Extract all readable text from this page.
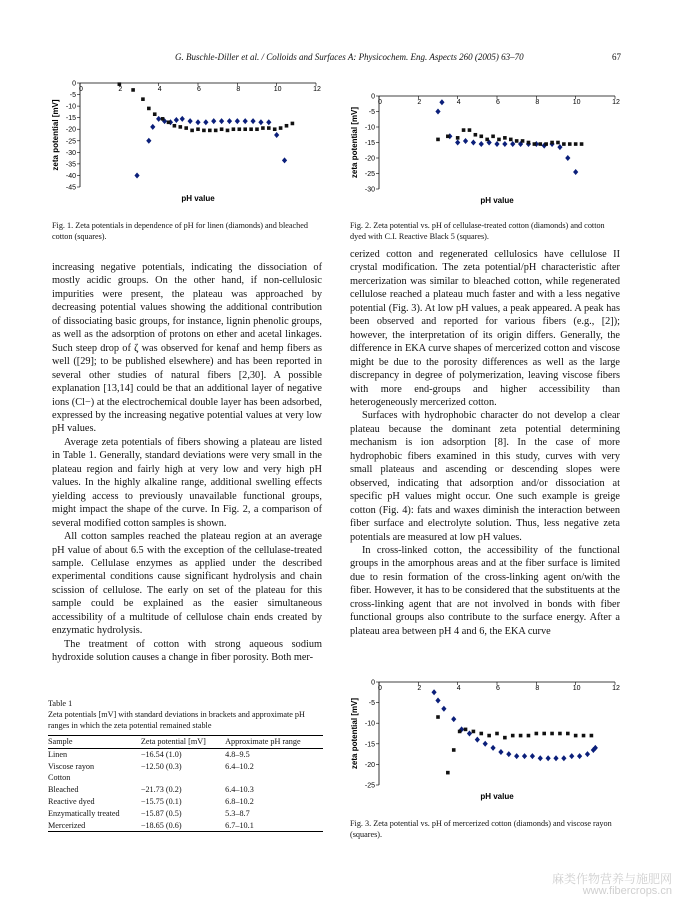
G. Buschle-Diller et al. / Colloids and Surfaces A: Physicochem. Eng. Aspects 260 (2005) 63–70	67
0
-5
-10
-15
-20
-25
-30
-35
-40
-45
0	2	4	6	8	10	12
pH value
zeta potential [mV]
Fig. 1. Zeta potentials in dependence of pH for linen (diamonds) and bleached cotton (squares).
0
-5
-10
-15
-20
-25
-30
0	2	4	6	8	10	12
pH value
zeta potential [mV]
Fig. 2. Zeta potential vs. pH of cellulase-treated cotton (diamonds) and cotton dyed with C.I. Reactive Black 5 (squares).

increasing negative potentials, indicating the dissociation of mostly acidic groups. On the other hand, if non-cellulosic impurities were present, the plateau was approached by decreasing potential values showing the additional contribution of dissociating basic groups, for instance, lignin phenolic groups, as well as the adsorption of protons on ether and acetal linkages. Such steep drop of ζ was observed for kenaf and hemp fibers as well ([29]; to be published elsewhere) and has been reported in several other studies of natural fibers [2,30]. A possible explanation [13,14] could be that an additional layer of negative ions (Cl−) at the electrochemical double layer has been adsorbed, expressed by the increasing negative potential values at very low pH values.

Average zeta potentials of fibers showing a plateau are listed in Table 1. Generally, standard deviations were very small in the plateau region and fairly high at very low and very high pH values. In the highly alkaline range, additional swelling effects yielding access to previously unavailable functional groups, might impact the shape of the curve. In Fig. 2, a comparison of several modified cotton samples is shown.

All cotton samples reached the plateau region at an average pH value of about 6.5 with the exception of the cellulase-treated sample. Cellulase enzymes as applied under the described experimental conditions cause significant hydrolysis and chain scission of cellulose. The early on set of the plateau for this sample could be explained as the easier simultaneous accessibility of a multitude of cellulose chain ends created by enzymatic hydrolysis.

The treatment of cotton with strong aqueous sodium hydroxide solution causes a change in fiber porosity. Both mer-

Table 1
Zeta potentials [mV] with standard deviations in brackets and approximate pH ranges in which the zeta potential remained stable
Sample	Zeta potential [mV]	Approximate pH range
Linen	−16.54 (1.0)	4.8–9.5
Viscose rayon	−12.50 (0.3)	6.4–10.2
Cotton		
Bleached	−21.73 (0.2)	6.4–10.3
Reactive dyed	−15.75 (0.1)	6.8–10.2
Enzymatically treated	−15.87 (0.5)	5.3–8.7
Mercerized	−18.65 (0.6)	6.7–10.1

cerized cotton and regenerated cellulosics have cellulose II crystal modification. The zeta potential/pH characteristic after mercerization was similar to bleached cotton, while regenerated cellulose reached a plateau much faster and with a less negative potential (Fig. 3). At low pH values, a peak appeared. A peak has been observed and reported for various fibers (e.g., [2]); however, the interpretation of its origin differs. Generally, the difference in EKA curve shapes of mercerized cotton and viscose might be due to the porosity differences as well as the large discrepancy in degree of polymerization, leaving viscose fibers with more end-groups and higher accessibility than heterogeneously mercerized cotton.

Surfaces with hydrophobic character do not develop a clear plateau because the dominant zeta potential determining mechanism is ion adsorption [8]. In the case of more hydrophobic fibers examined in this study, curves with very small plateaus and ascending or descending slopes were observed, indicating that adsorption and/or dissociation at specific pH values might occur. One such example is greige cotton (Fig. 4): fats and waxes diminish the interaction between fiber surface and electrolyte solution. Thus, less negative zeta potentials are measured at low pH values.

In cross-linked cotton, the accessibility of the functional groups in the amorphous areas and at the fiber surface is limited due to resin formation of the cross-linking agent on/with the fiber. However, it has to be considered that the substituents at the cross-linking agent that are not involved in bonds with fiber functional groups also contribute to the surface energy. After a plateau area between pH 4 and 6, the EKA curve

0
-5
-10
-15
-20
-25
0	2	4	6	8	10	12
pH value
zeta potential [mV]
Fig. 3. Zeta potential vs. pH of mercerized cotton (diamonds) and viscose rayon (squares).
麻类作物营养与施肥网
www.fibercrops.cn
